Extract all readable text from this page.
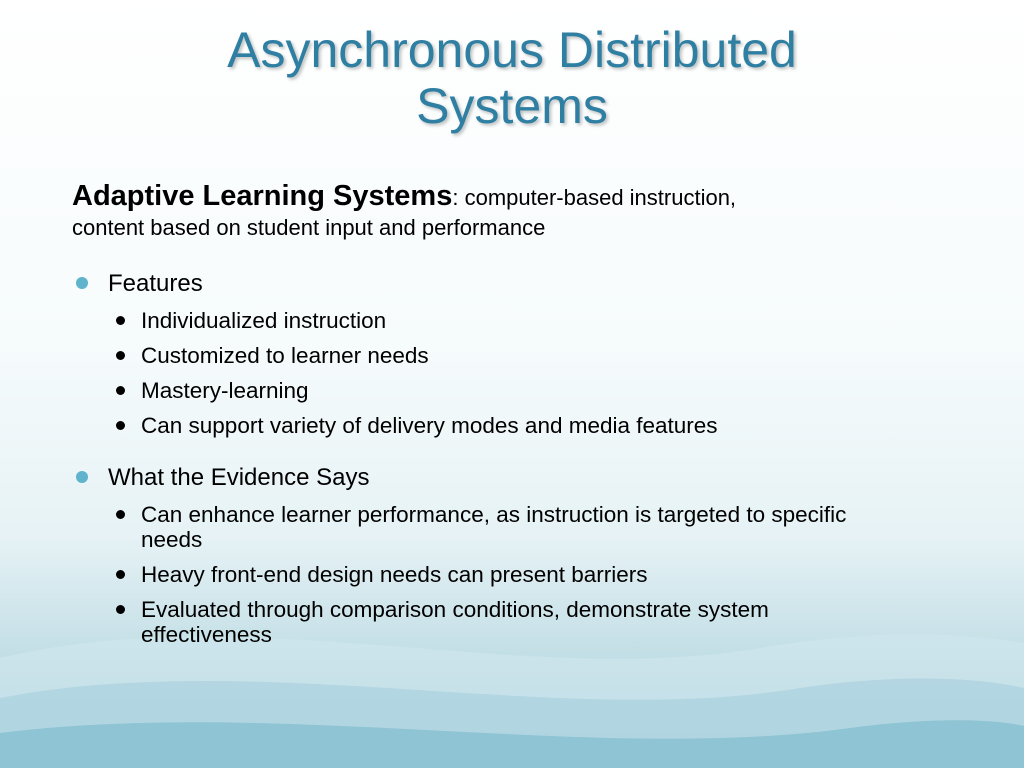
Asynchronous Distributed
Systems
Adaptive Learning Systems: computer-based instruction,
content based on student input and performance
Features
Individualized instruction
Customized to learner needs
Mastery-learning
Can support variety of delivery modes and media features
What the Evidence Says
Can enhance learner performance, as instruction is targeted to specific needs
Heavy front-end design needs can present barriers
Evaluated through comparison conditions, demonstrate system effectiveness
